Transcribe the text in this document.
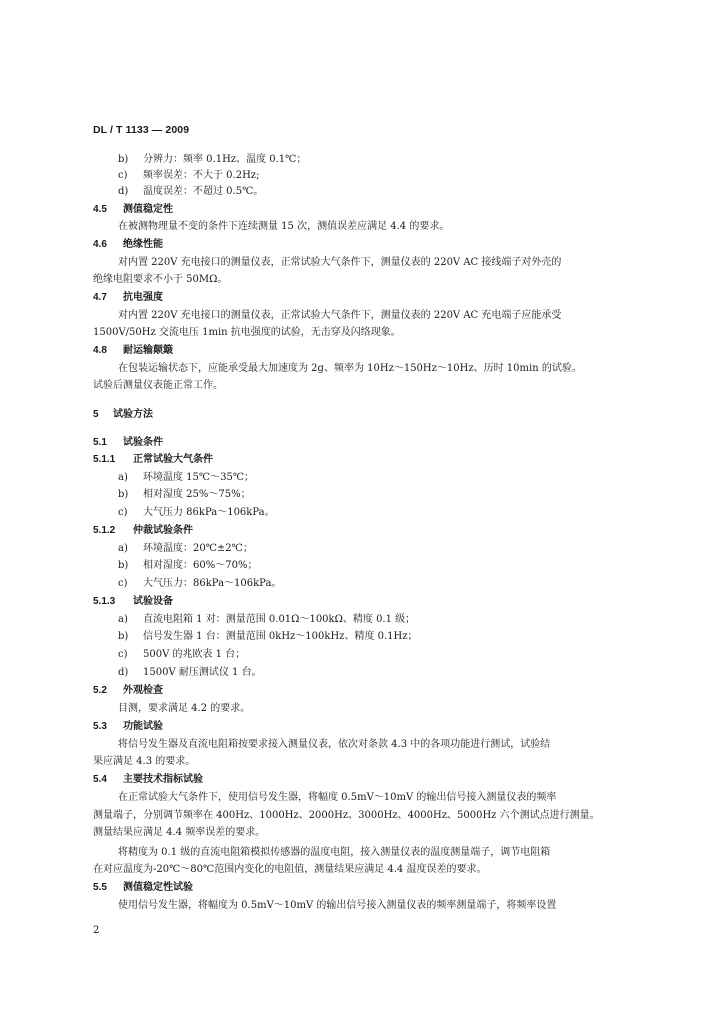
DL / T 1133 — 2009
b) 分辨力：频率 0.1Hz、温度 0.1℃；
c) 频率误差：不大于 0.2Hz;
d) 温度误差：不超过 0.5℃。
4.5 测值稳定性
在被测物理量不变的条件下连续测量 15 次，测值误差应满足 4.4 的要求。
4.6 绝缘性能
对内置 220V 充电接口的测量仪表，正常试验大气条件下，测量仪表的 220V AC 接线端子对外壳的
绝缘电阻要求不小于 50MΩ。
4.7 抗电强度
对内置 220V 充电接口的测量仪表，正常试验大气条件下，测量仪表的 220V AC 充电端子应能承受
1500V/50Hz 交流电压 1min 抗电强度的试验，无击穿及闪络现象。
4.8 耐运输颠簸
在包装运输状态下，应能承受最大加速度为 2g、频率为 10Hz～150Hz～10Hz、历时 10min 的试验。
试验后测量仪表能正常工作。
5 试验方法
5.1 试验条件
5.1.1 正常试验大气条件
a) 环境温度 15℃～35℃；
b) 相对湿度 25%～75%；
c) 大气压力 86kPa～106kPa。
5.1.2 仲裁试验条件
a) 环境温度：20℃±2℃；
b) 相对湿度：60%～70%；
c) 大气压力：86kPa～106kPa。
5.1.3 试验设备
a) 直流电阻箱 1 对：测量范围 0.01Ω～100kΩ、精度 0.1 级；
b) 信号发生器 1 台：测量范围 0kHz～100kHz、精度 0.1Hz；
c) 500V 的兆欧表 1 台；
d) 1500V 耐压测试仪 1 台。
5.2 外观检查
目测，要求满足 4.2 的要求。
5.3 功能试验
将信号发生器及直流电阻箱按要求接入测量仪表，依次对条款 4.3 中的各项功能进行测试，试验结
果应满足 4.3 的要求。
5.4 主要技术指标试验
在正常试验大气条件下，使用信号发生器，将幅度 0.5mV～10mV 的输出信号接入测量仪表的频率
测量端子，分别调节频率在 400Hz、1000Hz、2000Hz、3000Hz、4000Hz、5000Hz 六个测试点进行测量。
测量结果应满足 4.4 频率误差的要求。
将精度为 0.1 级的直流电阻箱模拟传感器的温度电阻，接入测量仪表的温度测量端子，调节电阻箱
在对应温度为-20℃～80℃范围内变化的电阻值，测量结果应满足 4.4 温度误差的要求。
5.5 测值稳定性试验
使用信号发生器，将幅度为 0.5mV～10mV 的输出信号接入测量仪表的频率测量端子，将频率设置
2
